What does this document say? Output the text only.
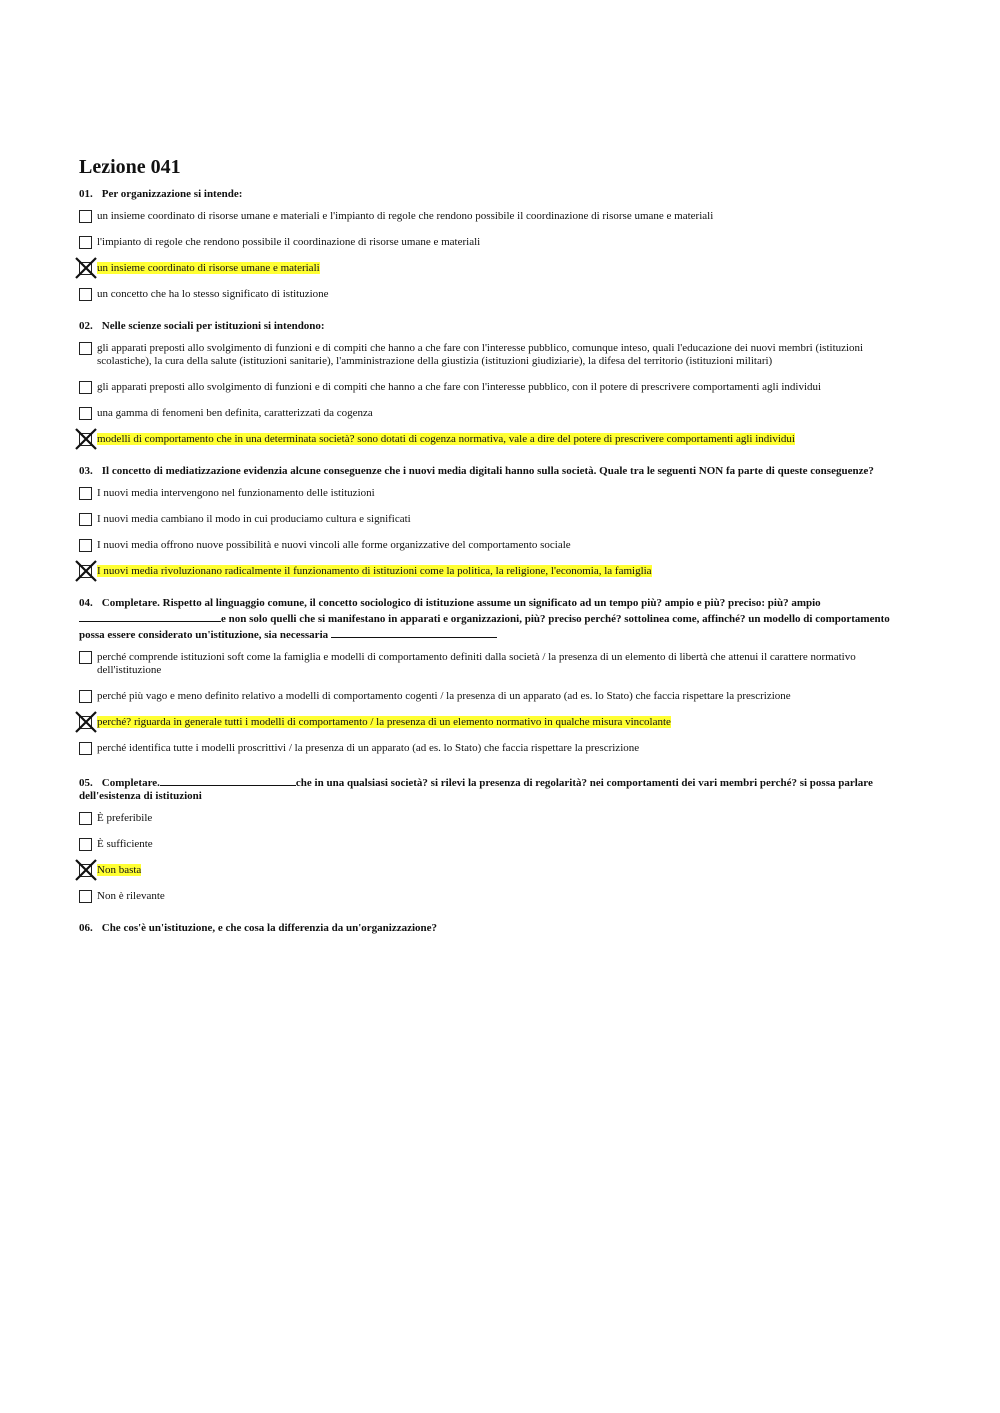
Lezione 041
01. Per organizzazione si intende:
un insieme coordinato di risorse umane e materiali e l'impianto di regole che rendono possibile il coordinazione di risorse umane e materiali
l'impianto di regole che rendono possibile il coordinazione di risorse umane e materiali
un insieme coordinato di risorse umane e materiali
un concetto che ha lo stesso significato di istituzione
02. Nelle scienze sociali per istituzioni si intendono:
gli apparati preposti allo svolgimento di funzioni e di compiti che hanno a che fare con l'interesse pubblico, comunque inteso, quali l'educazione dei nuovi membri (istituzioni scolastiche), la cura della salute (istituzioni sanitarie), l'amministrazione della giustizia (istituzioni giudiziarie), la difesa del territorio (istituzioni militari)
gli apparati preposti allo svolgimento di funzioni e di compiti che hanno a che fare con l'interesse pubblico, con il potere di prescrivere comportamenti agli individui
una gamma di fenomeni ben definita, caratterizzati da cogenza
modelli di comportamento che in una determinata società? sono dotati di cogenza normativa, vale a dire del potere di prescrivere comportamenti agli individui
03. Il concetto di mediatizzazione evidenzia alcune conseguenze che i nuovi media digitali hanno sulla società. Quale tra le seguenti NON fa parte di queste conseguenze?
I nuovi media intervengono nel funzionamento delle istituzioni
I nuovi media cambiano il modo in cui produciamo cultura e significati
I nuovi media offrono nuove possibilità e nuovi vincoli alle forme organizzative del comportamento sociale
I nuovi media rivoluzionano radicalmente il funzionamento di istituzioni come la politica, la religione, l'economia, la famiglia
04. Completare. Rispetto al linguaggio comune, il concetto sociologico di istituzione assume un significato ad un tempo più? ampio e più? preciso: più? ampio e non solo quelli che si manifestano in apparati e organizzazioni, più? preciso perché? sottolinea come, affinché? un modello di comportamento possa essere considerato un'istituzione, sia necessaria
perché comprende istituzioni soft come la famiglia e modelli di comportamento definiti dalla società / la presenza di un elemento di libertà che attenui il carattere normativo dell'istituzione
perché più vago e meno definito relativo a modelli di comportamento cogenti / la presenza di un apparato (ad es. lo Stato) che faccia rispettare la prescrizione
perché? riguarda in generale tutti i modelli di comportamento / la presenza di un elemento normativo in qualche misura vincolante
perché identifica tutte i modelli proscrittivi / la presenza di un apparato (ad es. lo Stato) che faccia rispettare la prescrizione
05. Completare.	che in una qualsiasi società? si rilevi la presenza di regolarità? nei comportamenti dei vari membri perché? si possa parlare dell'esistenza di istituzioni
È preferibile
È sufficiente
Non basta
Non è rilevante
06. Che cos'è un'istituzione, e che cosa la differenzia da un'organizzazione?
